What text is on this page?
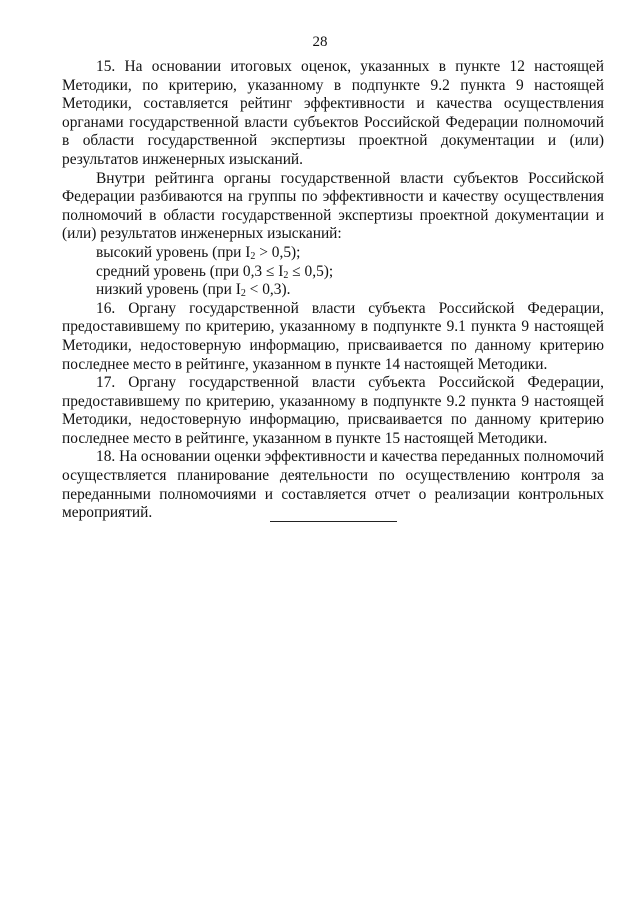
28

15. На основании итоговых оценок, указанных в пункте 12 настоящей Методики, по критерию, указанному в подпункте 9.2 пункта 9 настоящей Методики, составляется рейтинг эффективности и качества осуществления органами государственной власти субъектов Российской Федерации полномочий в области государственной экспертизы проектной документации и (или) результатов инженерных изысканий.

Внутри рейтинга органы государственной власти субъектов Российской Федерации разбиваются на группы по эффективности и качеству осуществления полномочий в области государственной экспертизы проектной документации и (или) результатов инженерных изысканий:

высокий уровень (при $I_2 > 0,5$);

средний уровень (при $0,3 \le I_2 \le 0,5$);

низкий уровень (при $I_2 < 0,3$).

16. Органу государственной власти субъекта Российской Федерации, предоставившему по критерию, указанному в подпункте 9.1 пункта 9 настоящей Методики, недостоверную информацию, присваивается по данному критерию последнее место в рейтинге, указанном в пункте 14 настоящей Методики.

17. Органу государственной власти субъекта Российской Федерации, предоставившему по критерию, указанному в подпункте 9.2 пункта 9 настоящей Методики, недостоверную информацию, присваивается по данному критерию последнее место в рейтинге, указанном в пункте 15 настоящей Методики.

18. На основании оценки эффективности и качества переданных полномочий осуществляется планирование деятельности по осуществлению контроля за переданными полномочиями и составляется отчет о реализации контрольных мероприятий.
